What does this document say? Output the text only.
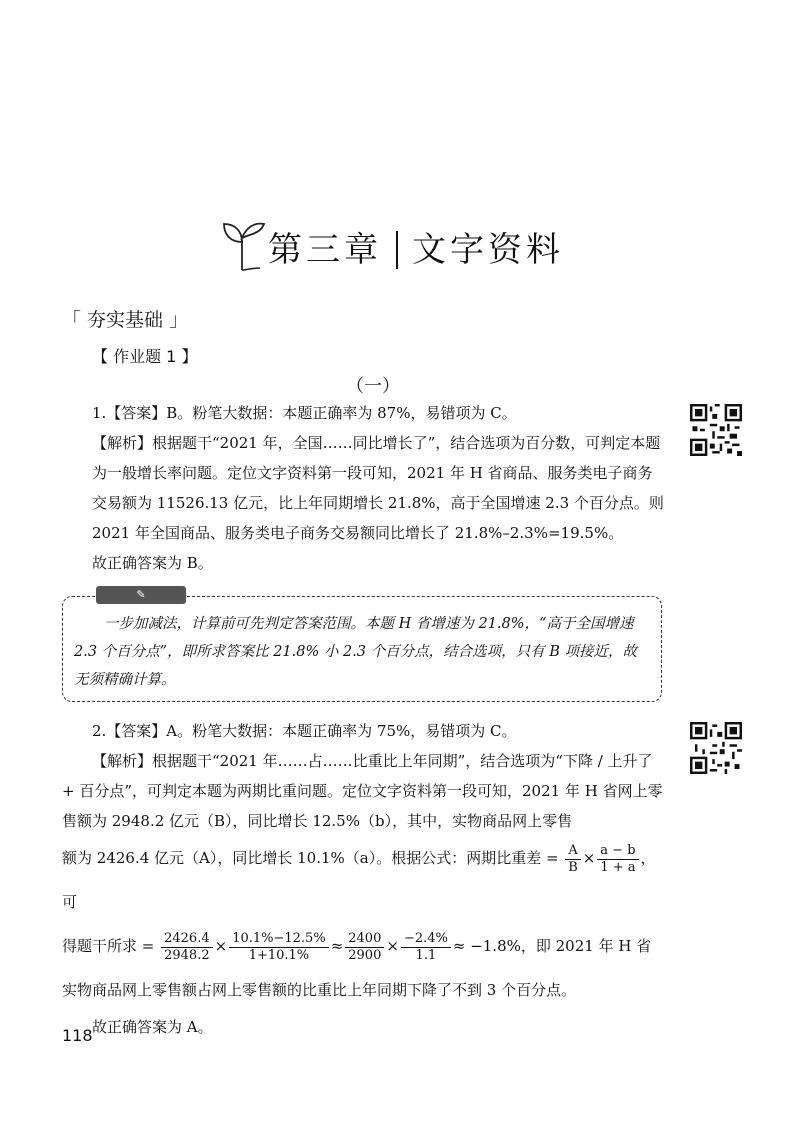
第三章 文字资料
「 夯实基础 」
【 作业题 1 】
（一）

1.【答案】B。粉笔大数据：本题正确率为 87%，易错项为 C。

【解析】根据题干“2021 年，全国……同比增长了”，结合选项为百分数，可判定本题为一般增长率问题。定位文字资料第一段可知，2021 年 H 省商品、服务类电子商务交易额为 11526.13 亿元，比上年同期增长 21.8%，高于全国增速 2.3 个百分点。则 2021 年全国商品、服务类电子商务交易额同比增长了 21.8%–2.3%=19.5%。

故正确答案为 B。

✎

一步加减法，计算前可先判定答案范围。本题 H 省增速为 21.8%，“高于全国增速 2.3 个百分点”，即所求答案比 21.8% 小 2.3 个百分点，结合选项，只有 B 项接近，故无须精确计算。

2.【答案】A。粉笔大数据：本题正确率为 75%，易错项为 C。

【解析】根据题干“2021 年……占……比重比上年同期”，结合选项为“下降 / 上升了 + 百分点”，可判定本题为两期比重问题。定位文字资料第一段可知，2021 年 H 省网上零售额为 2948.2 亿元（B），同比增长 12.5%（b），其中，实物商品网上零售

额为 2426.4 亿元（A），同比增长 10.1%（a）。根据公式：两期比重差 = $\frac{A}{B} \times \frac{a - b}{1 + a}$ ，可

得题干所求 = $\frac{2426.4}{2948.2} \times \frac{10.1\%-12.5\%}{1+10.1\%} \approx \frac{2400}{2900} \times \frac{-2.4\%}{1.1} \approx -1.8\%$，即 2021 年 H 省实物商品网上零售额占网上零售额的比重比上年同期下降了不到 3 个百分点。

故正确答案为 A。

118
